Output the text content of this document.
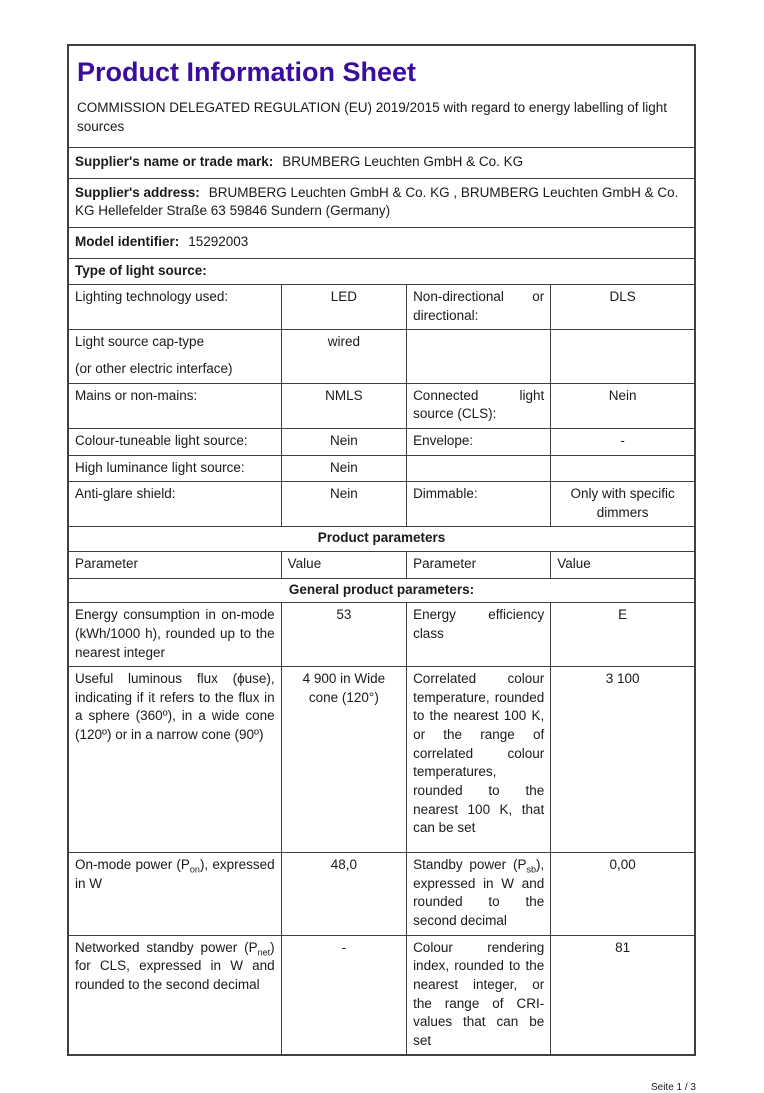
Product Information Sheet
COMMISSION DELEGATED REGULATION (EU) 2019/2015 with regard to energy labelling of light sources			

Supplier's name or trade mark: BRUMBERG Leuchten GmbH & Co. KG			
Supplier's address: BRUMBERG Leuchten GmbH & Co. KG , BRUMBERG Leuchten GmbH & Co. KG Hellefelder Straße 63 59846 Sundern (Germany)			
Model identifier: 15292003			
Type of light source:			
Lighting technology used:	LED	Non-directional or directional:	DLS

Light source cap-type
(or other electric interface)	wired		
Mains or non-mains:	NMLS	Connected light source (CLS):	Nein
Colour-tuneable light source:	Nein	Envelope:	-
High luminance light source:	Nein		
Anti-glare shield:	Nein	Dimmable:	Only with specific dimmers
Product parameters			
Parameter	Value	Parameter	Value
General product parameters:			
Energy consumption in on-mode (kWh/1000 h), rounded up to the nearest integer	53	Energy efficiency class	E
Useful luminous flux (ϕuse), indicating if it refers to the flux in a sphere (360º), in a wide cone (120º) or in a narrow cone (90º)	4 900 in Wide cone (120°)	Correlated colour temperature, rounded to the nearest 100 K, or the range of correlated colour temperatures, rounded to the nearest 100 K, that can be set	3 100
On-mode power $(P_{on})$, expressed in W	48,0	Standby power $(P_{sb})$, expressed in W and rounded to the second decimal	0,00
Networked standby power $(P_{net})$ for CLS, expressed in W and rounded to the second decimal	-	Colour rendering index, rounded to the nearest integer, or the range of CRI-values that can be set	81
Seite 1 / 3
